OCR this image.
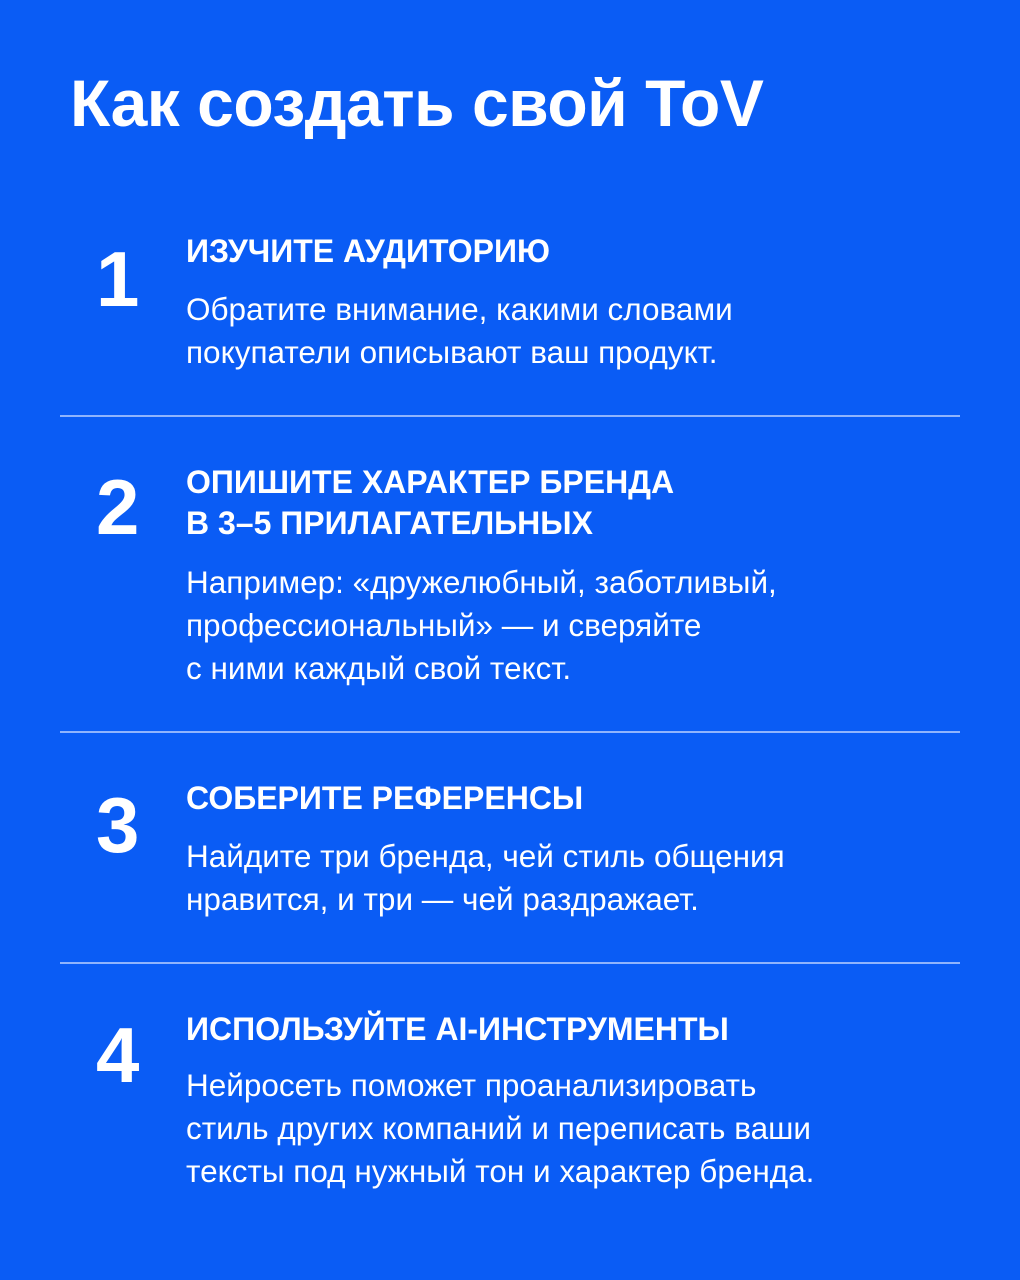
Как создать свой ToV
1 ИЗУЧИТЕ АУДИТОРИЮ

Обратите внимание, какими словами
покупатели описывают ваш продукт.

2 ОПИШИТЕ ХАРАКТЕР БРЕНДА
В 3–5 ПРИЛАГАТЕЛЬНЫХ

Например: «дружелюбный, заботливый,
профессиональный» — и сверяйте
с ними каждый свой текст.

3 СОБЕРИТЕ РЕФЕРЕНСЫ

Найдите три бренда, чей стиль общения
нравится, и три — чей раздражает.

4 ИСПОЛЬЗУЙТЕ AI-ИНСТРУМЕНТЫ

Нейросеть поможет проанализировать
стиль других компаний и переписать ваши
тексты под нужный тон и характер бренда.
